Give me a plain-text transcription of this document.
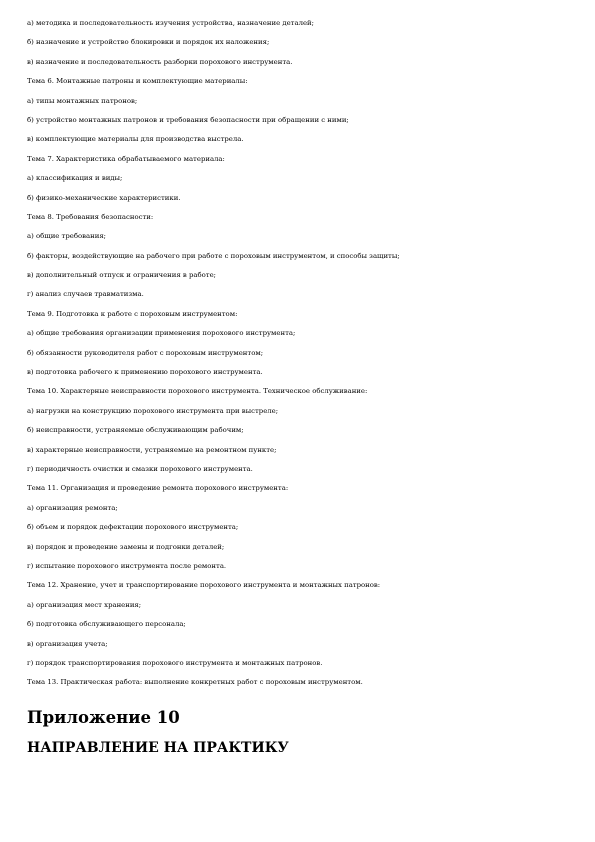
а) методика и последовательность изучения устройства, назначение деталей;
б) назначение и устройство блокировки и порядок их наложения;
в) назначение и последовательность разборки порохового инструмента.
Тема 6. Монтажные патроны и комплектующие материалы:
а) типы монтажных патронов;
б) устройство монтажных патронов и требования безопасности при обращении с ними;
в) комплектующие материалы для производства выстрела.
Тема 7. Характеристика обрабатываемого материала:
а) классификация и виды;
б) физико-механические характеристики.
Тема 8. Требования безопасности:
а) общие требования;
б) факторы, воздействующие на рабочего при работе с пороховым инструментом, и способы защиты;
в) дополнительный отпуск и ограничения в работе;
г) анализ случаев травматизма.
Тема 9. Подготовка к работе с пороховым инструментом:
а) общие требования организации применения порохового инструмента;
б) обязанности руководителя работ с пороховым инструментом;
в) подготовка рабочего к применению порохового инструмента.
Тема 10. Характерные неисправности порохового инструмента. Техническое обслуживание:
а) нагрузки на конструкцию порохового инструмента при выстреле;
б) неисправности, устраняемые обслуживающим рабочим;
в) характерные неисправности, устраняемые на ремонтном пункте;
г) периодичность очистки и смазки порохового инструмента.
Тема 11. Организация и проведение ремонта порохового инструмента:
а) организация ремонта;
б) объем и порядок дефектации порохового инструмента;
в) порядок и проведение замены и подгонки деталей;
г) испытание порохового инструмента после ремонта.
Тема 12. Хранение, учет и транспортирование порохового инструмента и монтажных патронов:
а) организация мест хранения;
б) подготовка обслуживающего персонала;
в) организация учета;
г) порядок транспортирования порохового инструмента и монтажных патронов.
Тема 13. Практическая работа: выполнение конкретных работ с пороховым инструментом.
Приложение 10
НАПРАВЛЕНИЕ НА ПРАКТИКУ
